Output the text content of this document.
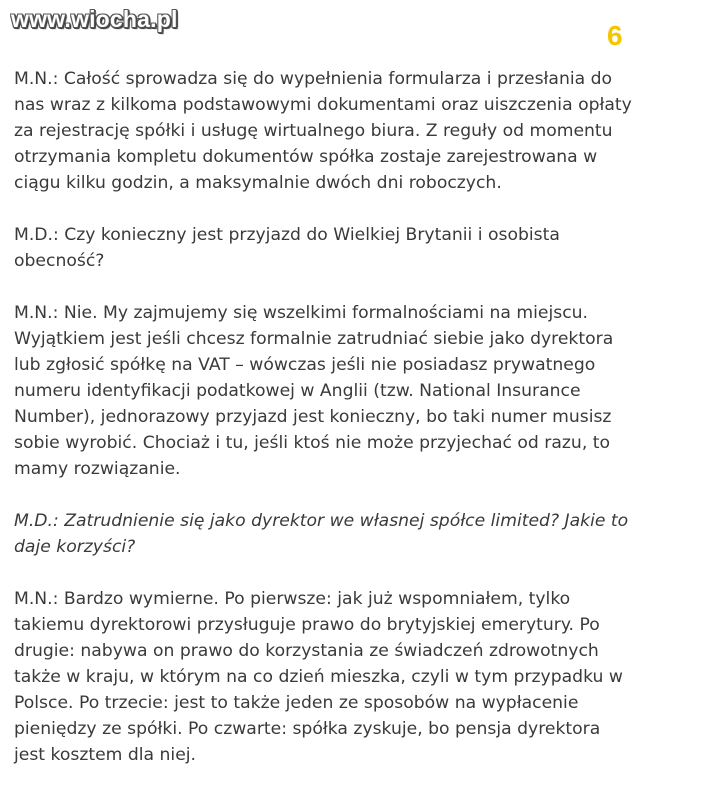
www.wiocha.pl
6
M.N.: Całość sprowadza się do wypełnienia formularza i przesłania do
nas wraz z kilkoma podstawowymi dokumentami oraz uiszczenia opłaty
za rejestrację spółki i usługę wirtualnego biura. Z reguły od momentu
otrzymania kompletu dokumentów spółka zostaje zarejestrowana w
ciągu kilku godzin, a maksymalnie dwóch dni roboczych.
M.D.: Czy konieczny jest przyjazd do Wielkiej Brytanii i osobista
obecność?
M.N.: Nie. My zajmujemy się wszelkimi formalnościami na miejscu.
Wyjątkiem jest jeśli chcesz formalnie zatrudniać siebie jako dyrektora
lub zgłosić spółkę na VAT – wówczas jeśli nie posiadasz prywatnego
numeru identyfikacji podatkowej w Anglii (tzw. National Insurance
Number), jednorazowy przyjazd jest konieczny, bo taki numer musisz
sobie wyrobić. Chociaż i tu, jeśli ktoś nie może przyjechać od razu, to
mamy rozwiązanie.
M.D.: Zatrudnienie się jako dyrektor we własnej spółce limited? Jakie to
daje korzyści?
M.N.: Bardzo wymierne. Po pierwsze: jak już wspomniałem, tylko
takiemu dyrektorowi przysługuje prawo do brytyjskiej emerytury. Po
drugie: nabywa on prawo do korzystania ze świadczeń zdrowotnych
także w kraju, w którym na co dzień mieszka, czyli w tym przypadku w
Polsce. Po trzecie: jest to także jeden ze sposobów na wypłacenie
pieniędzy ze spółki. Po czwarte: spółka zyskuje, bo pensja dyrektora
jest kosztem dla niej.
